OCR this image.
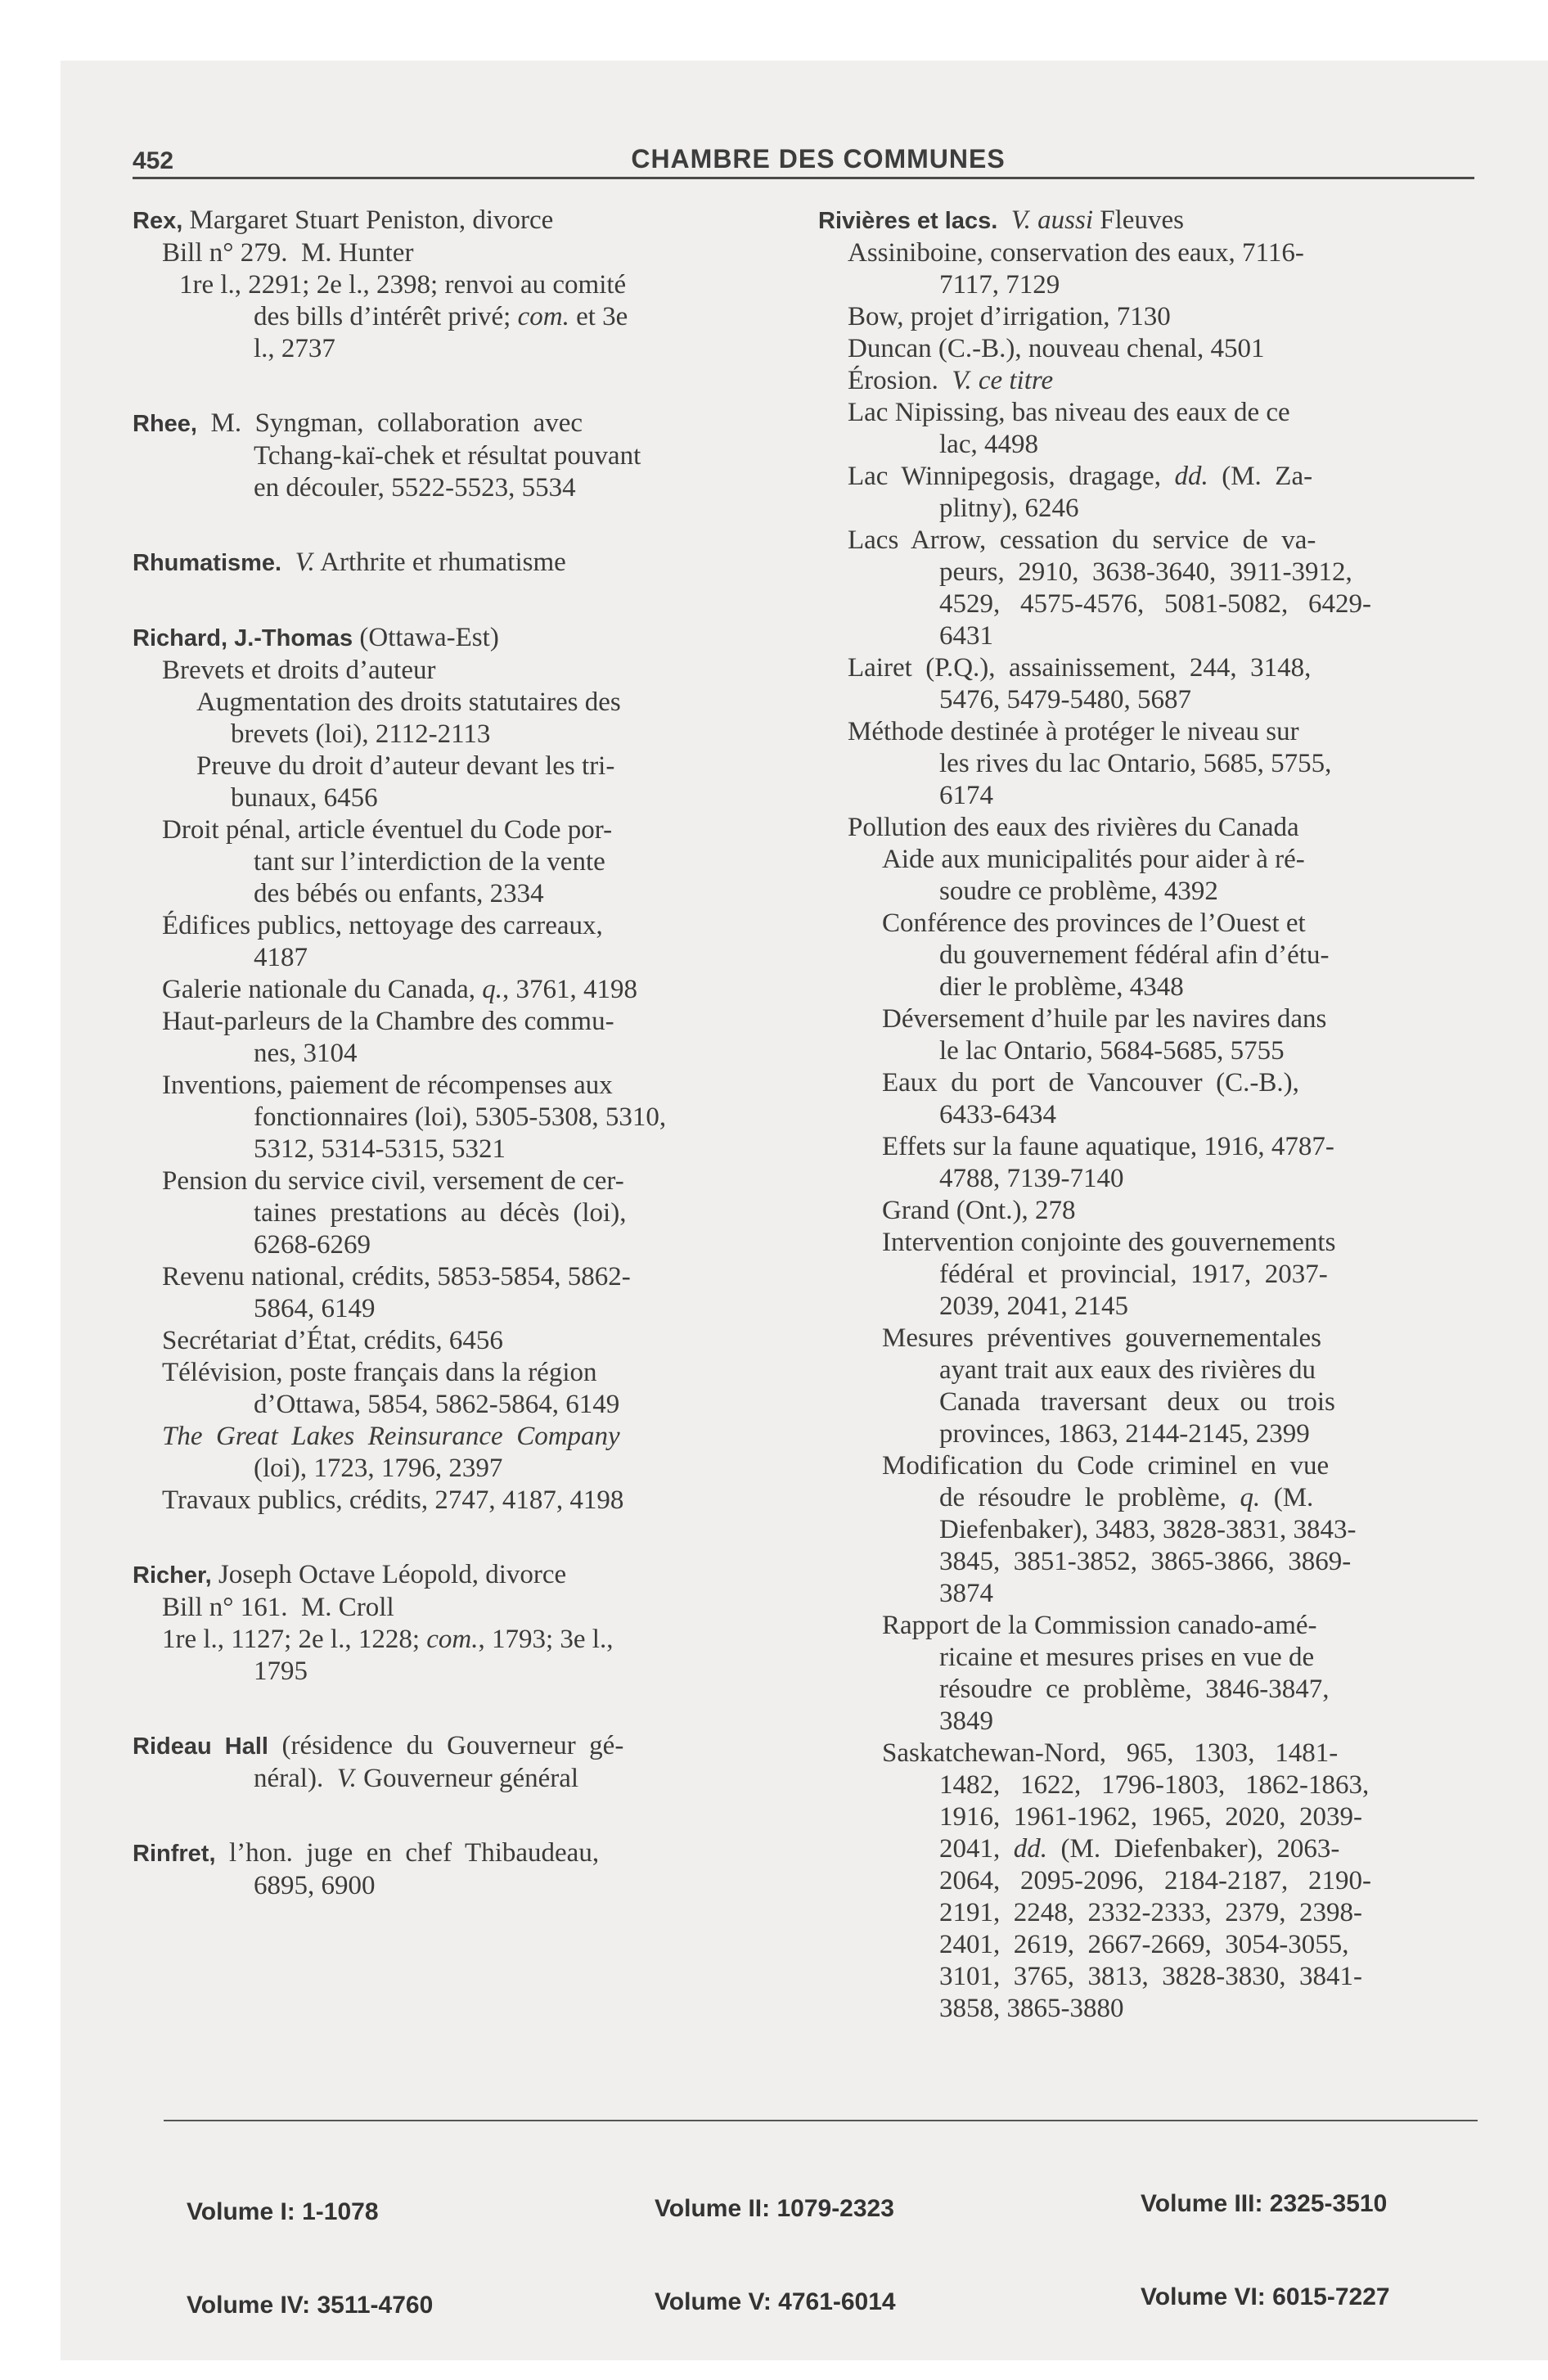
452	CHAMBRE DES COMMUNES
Rex, Margaret Stuart Peniston, divorce
Bill n° 279.  M. Hunter
1re l., 2291; 2e l., 2398; renvoi au comité
des bills d’intérêt privé; com. et 3e
l., 2737
Rhee,  M.  Syngman,  collaboration  avec
Tchang-kaï-chek et résultat pouvant
en découler, 5522-5523, 5534
Rhumatisme. V. Arthrite et rhumatisme
Richard, J.-Thomas (Ottawa-Est)
Brevets et droits d’auteur
Augmentation des droits statutaires des
brevets (loi), 2112-2113
Preuve du droit d’auteur devant les tri-
bunaux, 6456
Droit pénal, article éventuel du Code por-
tant sur l’interdiction de la vente
des bébés ou enfants, 2334
Édifices publics, nettoyage des carreaux,
4187
Galerie nationale du Canada, q., 3761, 4198
Haut-parleurs de la Chambre des commu-
nes, 3104
Inventions, paiement de récompenses aux
fonctionnaires (loi), 5305-5308, 5310,
5312, 5314-5315, 5321
Pension du service civil, versement de cer-
taines  prestations  au  décès  (loi),
6268-6269
Revenu national, crédits, 5853-5854, 5862-
5864, 6149
Secrétariat d’État, crédits, 6456
Télévision, poste français dans la région
d’Ottawa, 5854, 5862-5864, 6149
The  Great  Lakes  Reinsurance  Company
(loi), 1723, 1796, 2397
Travaux publics, crédits, 2747, 4187, 4198
Richer, Joseph Octave Léopold, divorce
Bill n° 161.  M. Croll
1re l., 1127; 2e l., 1228; com., 1793; 3e l.,
1795
Rideau  Hall  (résidence  du  Gouverneur  gé-
néral).  V. Gouverneur général
Rinfret,  l’hon.  juge  en  chef  Thibaudeau,
6895, 6900
Rivières et lacs. V. aussi Fleuves
Assiniboine, conservation des eaux, 7116-
7117, 7129
Bow, projet d’irrigation, 7130
Duncan (C.-B.), nouveau chenal, 4501
Érosion.  V. ce titre
Lac Nipissing, bas niveau des eaux de ce
lac, 4498
Lac  Winnipegosis,  dragage,  dd.  (M.  Za-
plitny), 6246
Lacs  Arrow,  cessation  du  service  de  va-
peurs,  2910,  3638-3640,  3911-3912,
4529,   4575-4576,   5081-5082,   6429-
6431
Lairet  (P.Q.),  assainissement,  244,  3148,
5476, 5479-5480, 5687
Méthode destinée à protéger le niveau sur
les rives du lac Ontario, 5685, 5755,
6174
Pollution des eaux des rivières du Canada
Aide aux municipalités pour aider à ré-
soudre ce problème, 4392
Conférence des provinces de l’Ouest et
du gouvernement fédéral afin d’étu-
dier le problème, 4348
Déversement d’huile par les navires dans
le lac Ontario, 5684-5685, 5755
Eaux  du  port  de  Vancouver  (C.-B.),
6433-6434
Effets sur la faune aquatique, 1916, 4787-
4788, 7139-7140
Grand (Ont.), 278
Intervention conjointe des gouvernements
fédéral  et  provincial,  1917,  2037-
2039, 2041, 2145
Mesures  préventives  gouvernementales
ayant trait aux eaux des rivières du
Canada   traversant   deux   ou   trois
provinces, 1863, 2144-2145, 2399
Modification  du  Code  criminel  en  vue
de  résoudre  le  problème,  q.  (M.
Diefenbaker), 3483, 3828-3831, 3843-
3845,  3851-3852,  3865-3866,  3869-
3874
Rapport de la Commission canado-amé-
ricaine et mesures prises en vue de
résoudre  ce  problème,  3846-3847,
3849
Saskatchewan-Nord,   965,   1303,   1481-
1482,   1622,   1796-1803,   1862-1863,
1916,  1961-1962,  1965,  2020,  2039-
2041,  dd.  (M.  Diefenbaker),  2063-
2064,   2095-2096,   2184-2187,   2190-
2191,  2248,  2332-2333,  2379,  2398-
2401,  2619,  2667-2669,  3054-3055,
3101,  3765,  3813,  3828-3830,  3841-
3858, 3865-3880

Volume I: 1-1078

Volume IV: 3511-4760

Volume II: 1079-2323

Volume V: 4761-6014

Volume III: 2325-3510

Volume VI: 6015-7227
